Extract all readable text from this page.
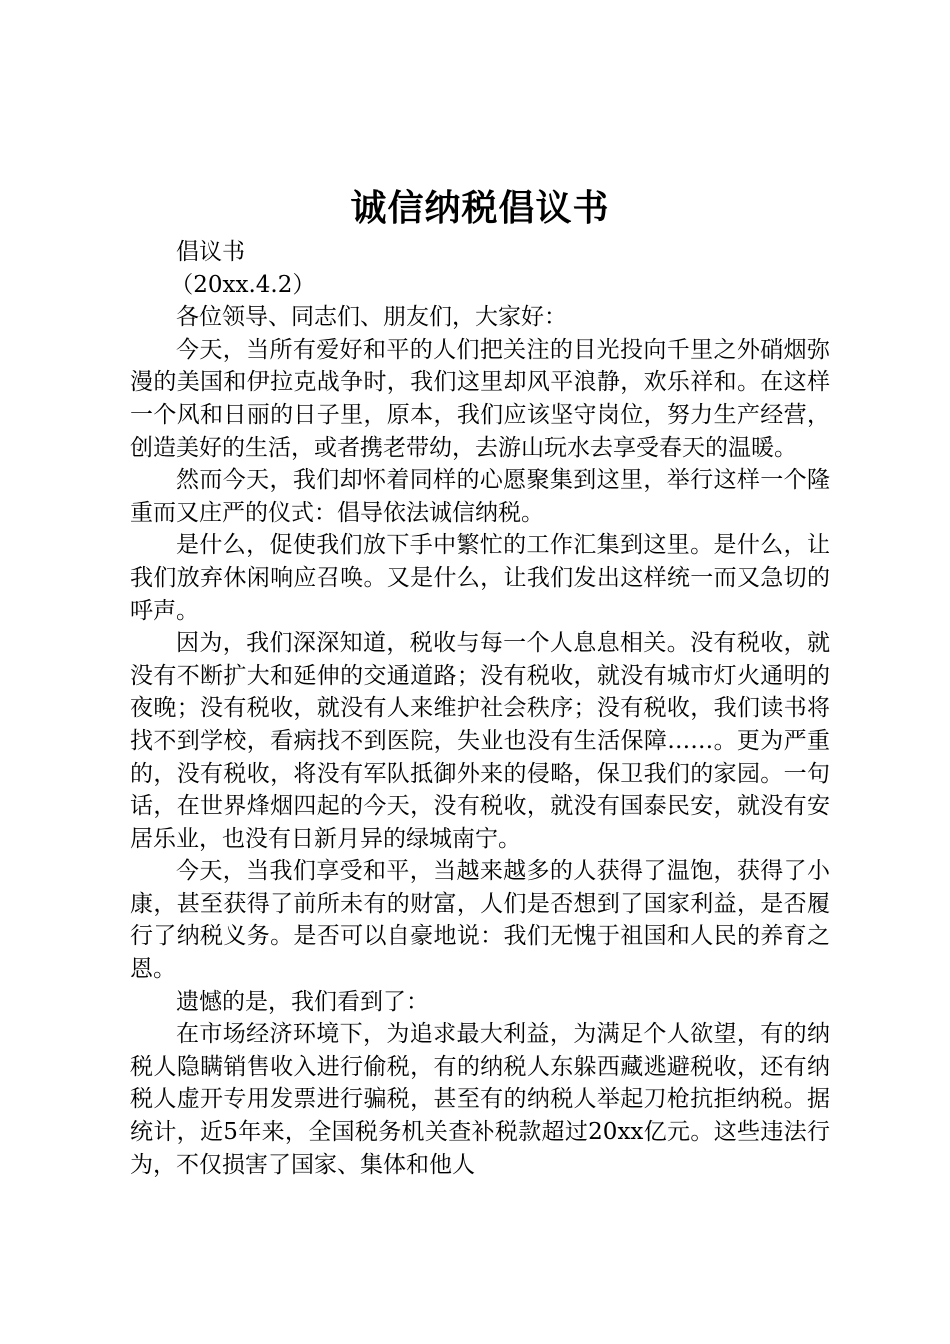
诚信纳税倡议书

倡议书

（20xx.4.2）

各位领导、同志们、朋友们，大家好：

今天，当所有爱好和平的人们把关注的目光投向千里之外硝烟弥漫的美国和伊拉克战争时，我们这里却风平浪静，欢乐祥和。在这样一个风和日丽的日子里，原本，我们应该坚守岗位，努力生产经营，创造美好的生活，或者携老带幼，去游山玩水去享受春天的温暖。

然而今天，我们却怀着同样的心愿聚集到这里，举行这样一个隆重而又庄严的仪式：倡导依法诚信纳税。

是什么，促使我们放下手中繁忙的工作汇集到这里。是什么，让我们放弃休闲响应召唤。又是什么，让我们发出这样统一而又急切的呼声。

因为，我们深深知道，税收与每一个人息息相关。没有税收，就没有不断扩大和延伸的交通道路；没有税收，就没有城市灯火通明的夜晚；没有税收，就没有人来维护社会秩序；没有税收，我们读书将找不到学校，看病找不到医院，失业也没有生活保障……。更为严重的，没有税收，将没有军队抵御外来的侵略，保卫我们的家园。一句话，在世界烽烟四起的今天，没有税收，就没有国泰民安，就没有安居乐业，也没有日新月异的绿城南宁。

今天，当我们享受和平，当越来越多的人获得了温饱，获得了小康，甚至获得了前所未有的财富，人们是否想到了国家利益，是否履行了纳税义务。是否可以自豪地说：我们无愧于祖国和人民的养育之恩。

遗憾的是，我们看到了：

在市场经济环境下，为追求最大利益，为满足个人欲望，有的纳税人隐瞒销售收入进行偷税，有的纳税人东躲西藏逃避税收，还有纳税人虚开专用发票进行骗税，甚至有的纳税人举起刀枪抗拒纳税。据统计，近5年来，全国税务机关查补税款超过20xx亿元。这些违法行为，不仅损害了国家、集体和他人
